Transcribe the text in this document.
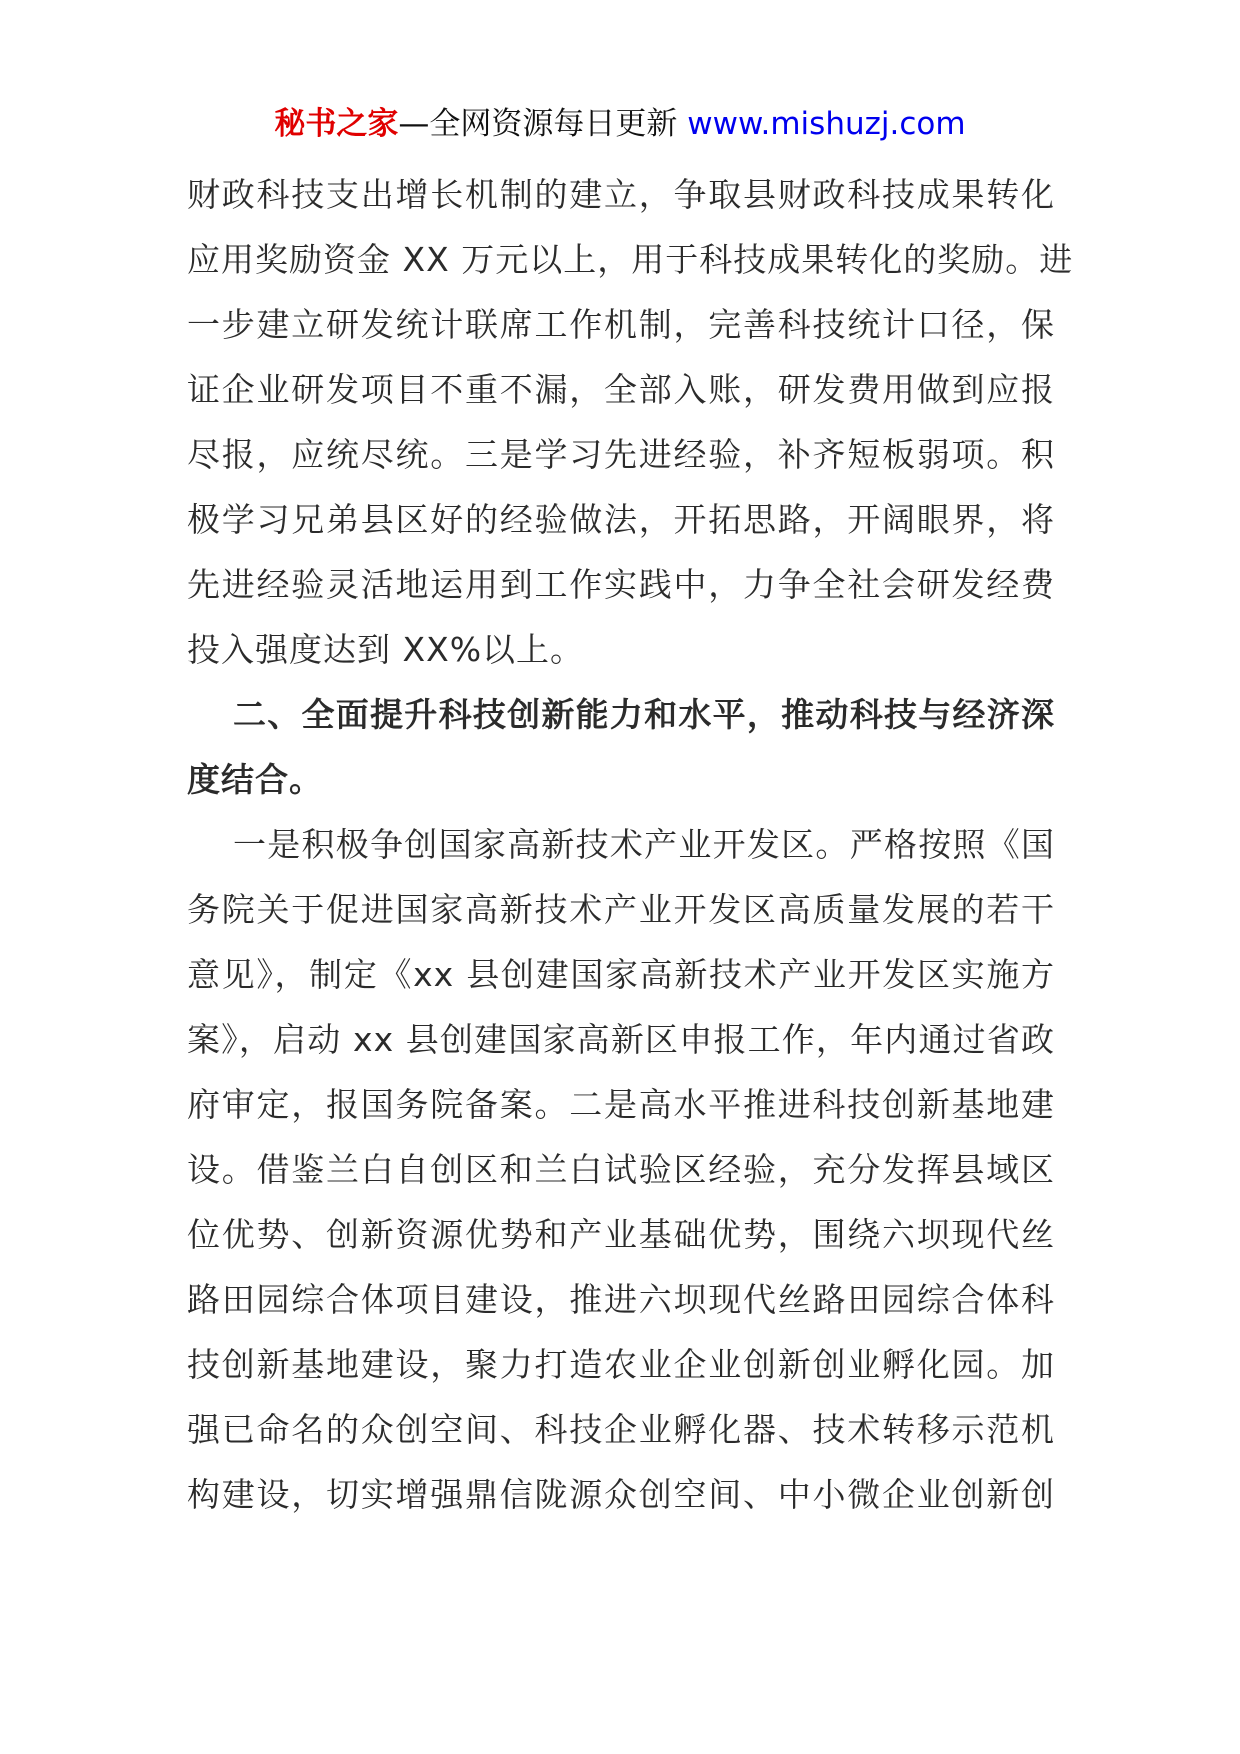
秘书之家—全网资源每日更新 www.mishuzj.com
财政科技支出增长机制的建立，争取县财政科技成果转化
应用奖励资金 XX 万元以上，用于科技成果转化的奖励。进
一步建立研发统计联席工作机制，完善科技统计口径，保
证企业研发项目不重不漏，全部入账，研发费用做到应报
尽报，应统尽统。三是学习先进经验，补齐短板弱项。积
极学习兄弟县区好的经验做法，开拓思路，开阔眼界，将
先进经验灵活地运用到工作实践中，力争全社会研发经费
投入强度达到 XX%以上。
二、全面提升科技创新能力和水平，推动科技与经济深
度结合。
一是积极争创国家高新技术产业开发区。严格按照《国
务院关于促进国家高新技术产业开发区高质量发展的若干
意见》，制定《xx 县创建国家高新技术产业开发区实施方
案》，启动 xx 县创建国家高新区申报工作，年内通过省政
府审定，报国务院备案。二是高水平推进科技创新基地建
设。借鉴兰白自创区和兰白试验区经验，充分发挥县域区
位优势、创新资源优势和产业基础优势，围绕六坝现代丝
路田园综合体项目建设，推进六坝现代丝路田园综合体科
技创新基地建设，聚力打造农业企业创新创业孵化园。加
强已命名的众创空间、科技企业孵化器、技术转移示范机
构建设，切实增强鼎信陇源众创空间、中小微企业创新创
